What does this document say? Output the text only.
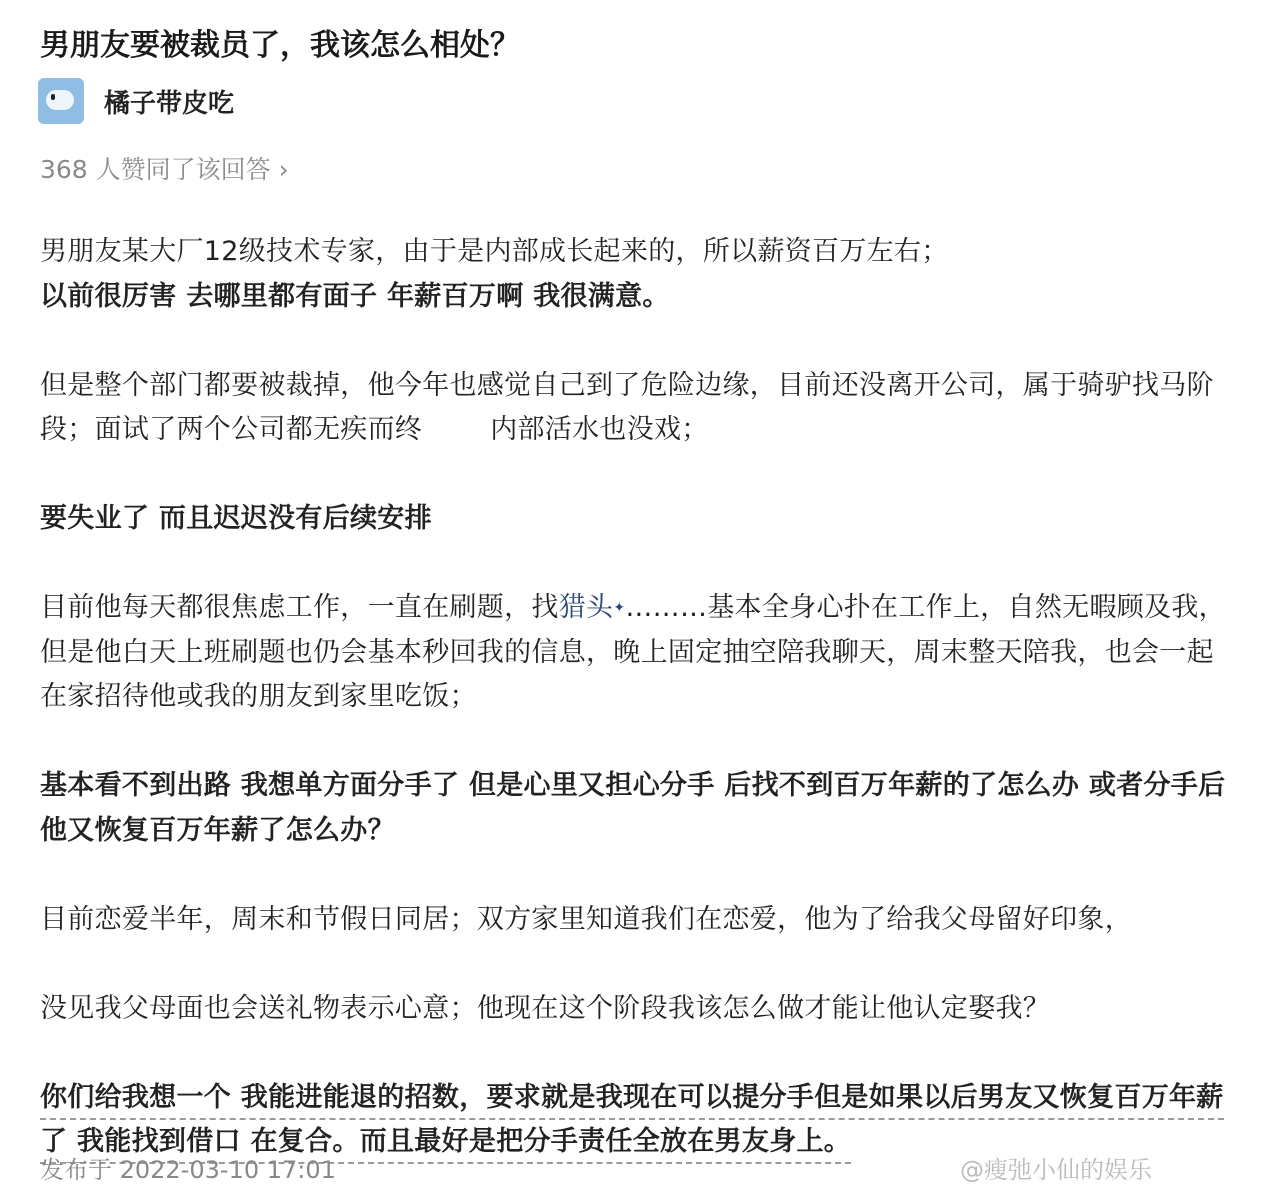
男朋友要被裁员了，我该怎么相处？
橘子带皮吃
368 人赞同了该回答 ›
男朋友某大厂12级技术专家，由于是内部成长起来的，所以薪资百万左右；
以前很厉害 去哪里都有面子 年薪百万啊 我很满意。
但是整个部门都要被裁掉，他今年也感觉自己到了危险边缘，目前还没离开公司，属于骑驴找马阶
段；面试了两个公司都无疾而终	内部活水也没戏；
要失业了 而且迟迟没有后续安排
目前他每天都很焦虑工作，一直在刷题，找猎头✦………基本全身心扑在工作上，自然无暇顾及我，
但是他白天上班刷题也仍会基本秒回我的信息，晚上固定抽空陪我聊天，周末整天陪我，也会一起
在家招待他或我的朋友到家里吃饭；
基本看不到出路 我想单方面分手了 但是心里又担心分手 后找不到百万年薪的了怎么办 或者分手后
他又恢复百万年薪了怎么办？
目前恋爱半年，周末和节假日同居；双方家里知道我们在恋爱，他为了给我父母留好印象，
没见我父母面也会送礼物表示心意；他现在这个阶段我该怎么做才能让他认定娶我？
你们给我想一个 我能进能退的招数，要求就是我现在可以提分手但是如果以后男友又恢复百万年薪
了 我能找到借口 在复合。而且最好是把分手责任全放在男友身上。
发布于 2022-03-10 17:01	@瘦弛小仙的娱乐
